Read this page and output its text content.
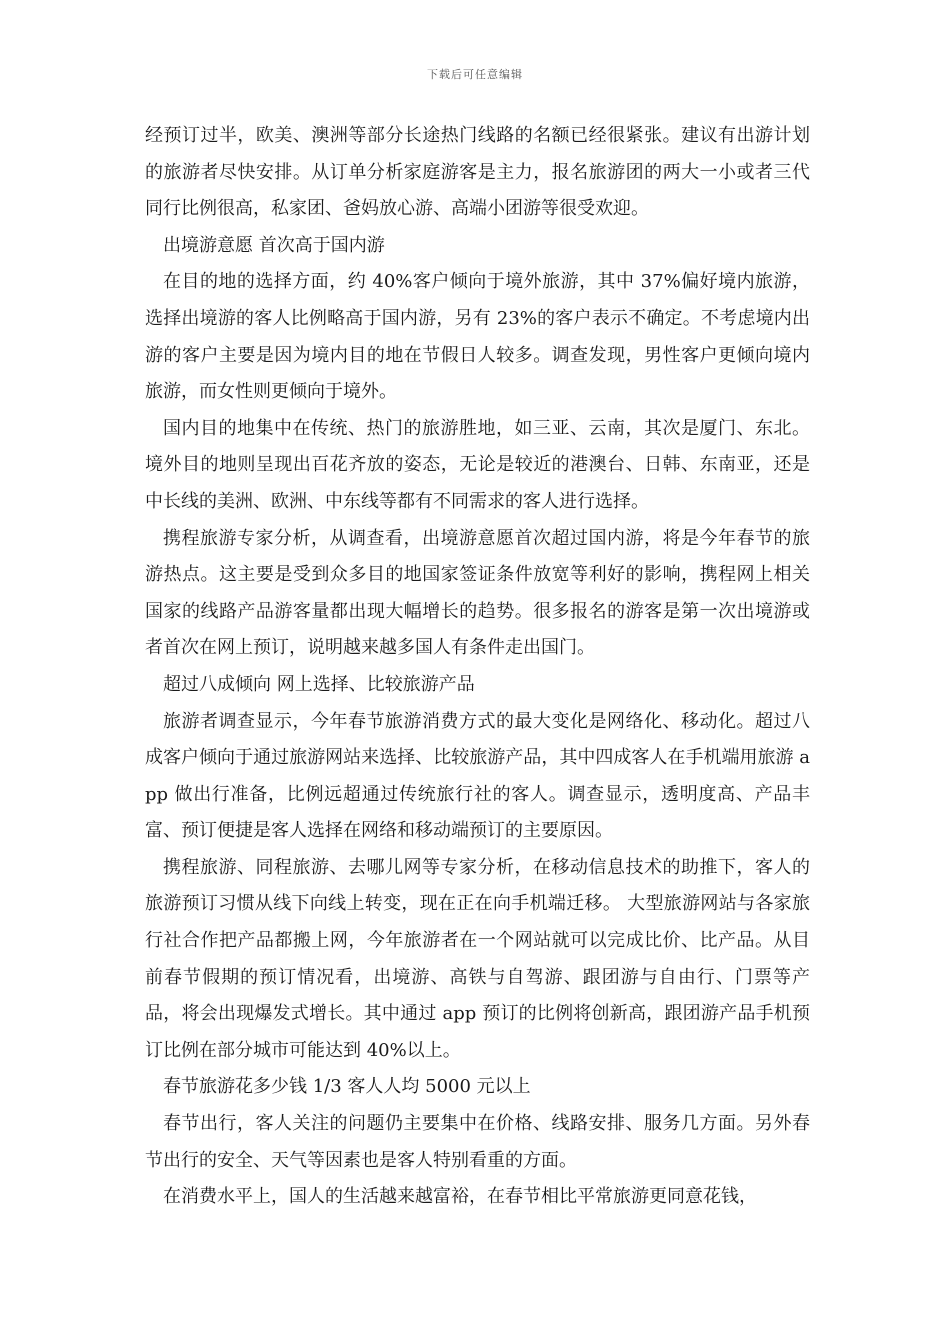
下载后可任意编辑

经预订过半，欧美、澳洲等部分长途热门线路的名额已经很紧张。建议有出游计划的旅游者尽快安排。从订单分析家庭游客是主力，报名旅游团的两大一小或者三代同行比例很高，私家团、爸妈放心游、高端小团游等很受欢迎。

出境游意愿 首次高于国内游

在目的地的选择方面，约 40%客户倾向于境外旅游，其中 37%偏好境内旅游，选择出境游的客人比例略高于国内游，另有 23%的客户表示不确定。不考虑境内出游的客户主要是因为境内目的地在节假日人较多。调查发现，男性客户更倾向境内旅游，而女性则更倾向于境外。

国内目的地集中在传统、热门的旅游胜地，如三亚、云南，其次是厦门、东北。境外目的地则呈现出百花齐放的姿态，无论是较近的港澳台、日韩、东南亚，还是中长线的美洲、欧洲、中东线等都有不同需求的客人进行选择。

携程旅游专家分析，从调查看，出境游意愿首次超过国内游，将是今年春节的旅游热点。这主要是受到众多目的地国家签证条件放宽等利好的影响，携程网上相关国家的线路产品游客量都出现大幅增长的趋势。很多报名的游客是第一次出境游或者首次在网上预订，说明越来越多国人有条件走出国门。

超过八成倾向 网上选择、比较旅游产品

旅游者调查显示，今年春节旅游消费方式的最大变化是网络化、移动化。超过八成客户倾向于通过旅游网站来选择、比较旅游产品，其中四成客人在手机端用旅游 app 做出行准备，比例远超通过传统旅行社的客人。调查显示，透明度高、产品丰富、预订便捷是客人选择在网络和移动端预订的主要原因。

携程旅游、同程旅游、去哪儿网等专家分析，在移动信息技术的助推下，客人的旅游预订习惯从线下向线上转变，现在正在向手机端迁移。 大型旅游网站与各家旅行社合作把产品都搬上网，今年旅游者在一个网站就可以完成比价、比产品。从目前春节假期的预订情况看，出境游、高铁与自驾游、跟团游与自由行、门票等产品，将会出现爆发式增长。其中通过 app 预订的比例将创新高，跟团游产品手机预订比例在部分城市可能达到 40%以上。

春节旅游花多少钱 1/3 客人人均 5000 元以上

春节出行，客人关注的问题仍主要集中在价格、线路安排、服务几方面。另外春节出行的安全、天气等因素也是客人特别看重的方面。

在消费水平上，国人的生活越来越富裕，在春节相比平常旅游更同意花钱，
